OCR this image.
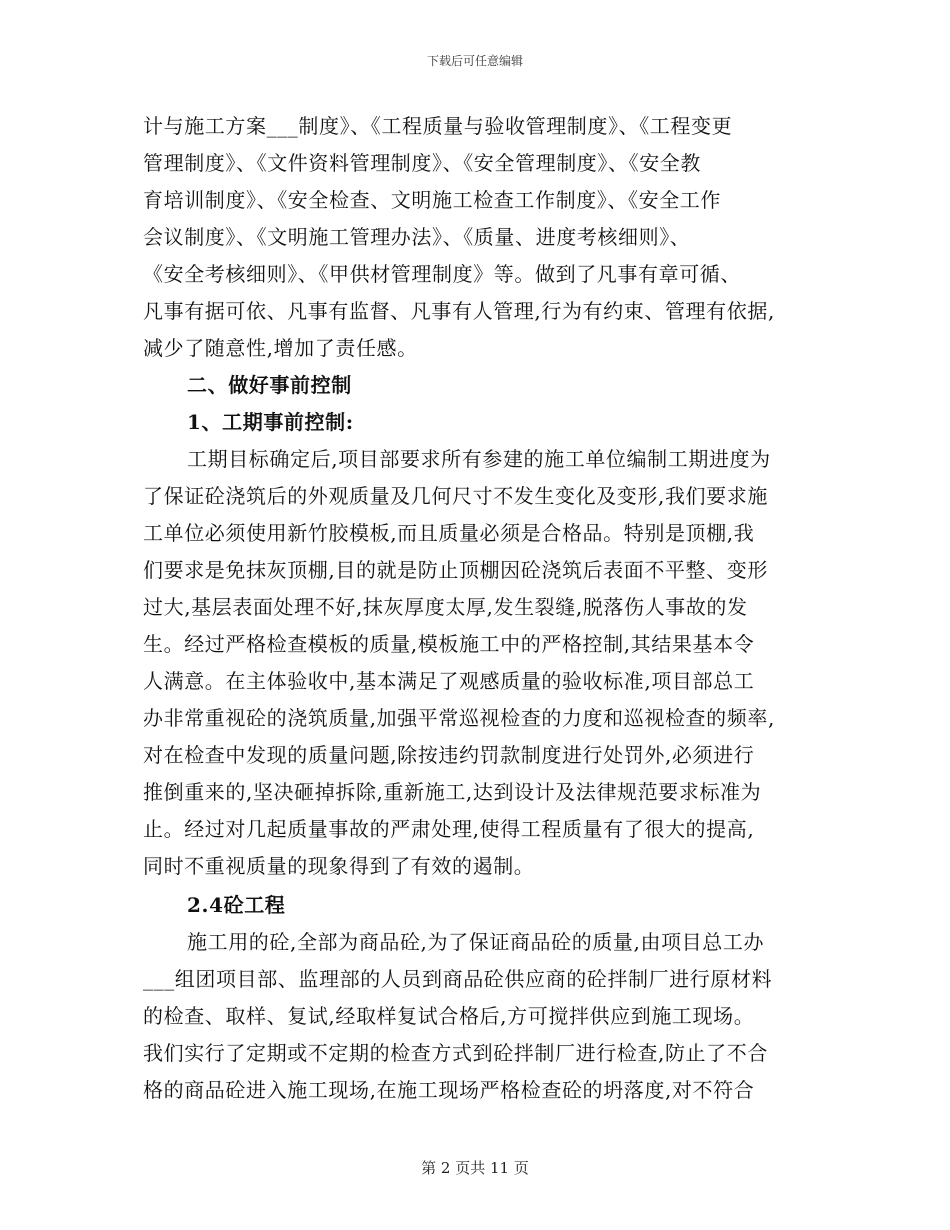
下载后可任意编辑
计与施工方案___制度》、《工程质量与验收管理制度》、《工程变更
管理制度》、《文件资料管理制度》、《安全管理制度》、《安全教
育培训制度》、《安全检查、文明施工检查工作制度》、《安全工作
会议制度》、《文明施工管理办法》、《质量、进度考核细则》、
《安全考核细则》、《甲供材管理制度》等。做到了凡事有章可循、
凡事有据可依、凡事有监督、凡事有人管理,行为有约束、管理有依据,
减少了随意性,增加了责任感。
二、做好事前控制
1、工期事前控制:
工期目标确定后,项目部要求所有参建的施工单位编制工期进度为
了保证砼浇筑后的外观质量及几何尺寸不发生变化及变形,我们要求施
工单位必须使用新竹胶模板,而且质量必须是合格品。特别是顶棚,我
们要求是免抹灰顶棚,目的就是防止顶棚因砼浇筑后表面不平整、变形
过大,基层表面处理不好,抹灰厚度太厚,发生裂缝,脱落伤人事故的发
生。经过严格检查模板的质量,模板施工中的严格控制,其结果基本令
人满意。在主体验收中,基本满足了观感质量的验收标准,项目部总工
办非常重视砼的浇筑质量,加强平常巡视检查的力度和巡视检查的频率,
对在检查中发现的质量问题,除按违约罚款制度进行处罚外,必须进行
推倒重来的,坚决砸掉拆除,重新施工,达到设计及法律规范要求标准为
止。经过对几起质量事故的严肃处理,使得工程质量有了很大的提高,
同时不重视质量的现象得到了有效的遏制。
2.4砼工程
施工用的砼,全部为商品砼,为了保证商品砼的质量,由项目总工办
___组团项目部、监理部的人员到商品砼供应商的砼拌制厂进行原材料
的检查、取样、复试,经取样复试合格后,方可搅拌供应到施工现场。
我们实行了定期或不定期的检查方式到砼拌制厂进行检查,防止了不合
格的商品砼进入施工现场,在施工现场严格检查砼的坍落度,对不符合
第 2 页共 11 页
